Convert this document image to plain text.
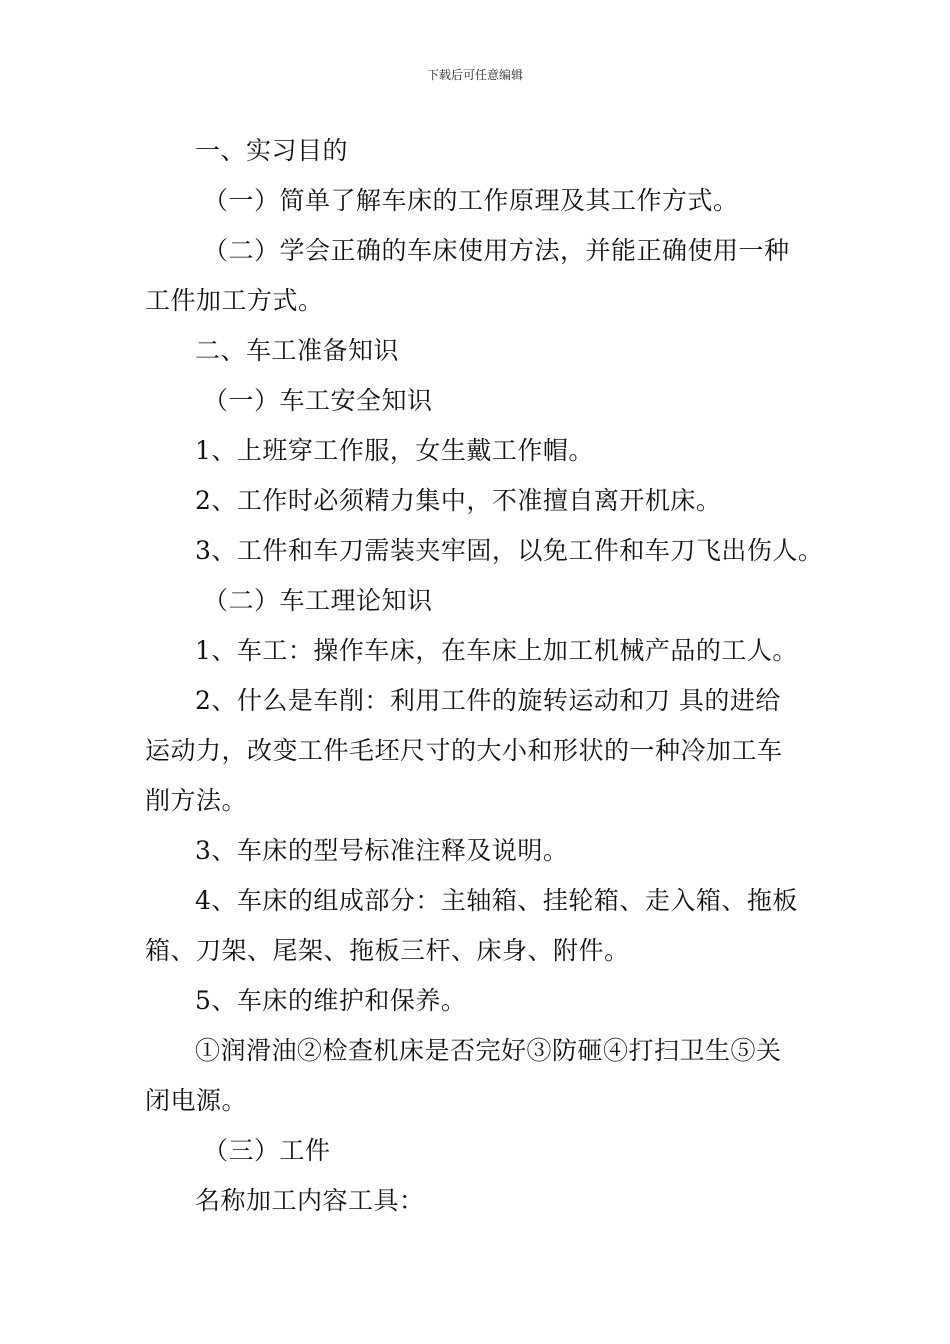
下载后可任意编辑
一、实习目的
（一）简单了解车床的工作原理及其工作方式。
（二）学会正确的车床使用方法，并能正确使用一种
工件加工方式。
二、车工准备知识
（一）车工安全知识
1、上班穿工作服，女生戴工作帽。
2、工作时必须精力集中，不准擅自离开机床。
3、工件和车刀需装夹牢固，以免工件和车刀飞出伤人。
（二）车工理论知识
1、车工：操作车床，在车床上加工机械产品的工人。
2、什么是车削：利用工件的旋转运动和刀 具的进给
运动力，改变工件毛坯尺寸的大小和形状的一种冷加工车
削方法。
3、车床的型号标准注释及说明。
4、车床的组成部分：主轴箱、挂轮箱、走入箱、拖板
箱、刀架、尾架、拖板三杆、床身、附件。
5、车床的维护和保养。
①润滑油②检查机床是否完好③防砸④打扫卫生⑤关
闭电源。
（三）工件
名称加工内容工具：
